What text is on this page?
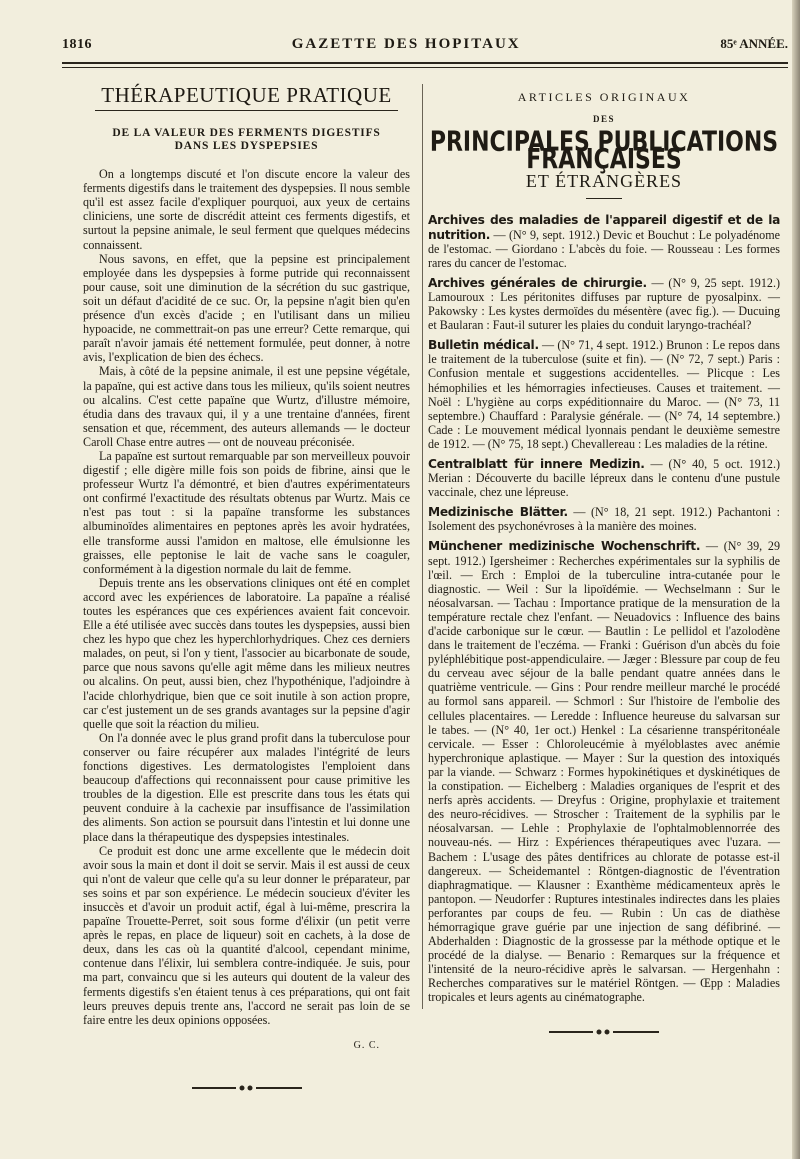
1816	GAZETTE DES HOPITAUX	85ᵉ ANNÉE.
THÉRAPEUTIQUE PRATIQUE
DE LA VALEUR DES FERMENTS DIGESTIFS
DANS LES DYSPEPSIES

On a longtemps discuté et l'on discute encore la valeur des ferments digestifs dans le traitement des dyspepsies. Il nous semble qu'il est assez facile d'expliquer pourquoi, aux yeux de certains cliniciens, une sorte de discrédit atteint ces ferments digestifs, et surtout la pepsine animale, le seul ferment que quelques médecins connaissent.

Nous savons, en effet, que la pepsine est principalement employée dans les dyspepsies à forme putride qui reconnaissent pour cause, soit une diminution de la sécrétion du suc gastrique, soit un défaut d'acidité de ce suc. Or, la pepsine n'agit bien qu'en présence d'un excès d'acide ; en l'utilisant dans un milieu hypoacide, ne commettrait-on pas une erreur? Cette remarque, qui paraît n'avoir jamais été nettement formulée, peut donner, à notre avis, l'explication de bien des échecs.

Mais, à côté de la pepsine animale, il est une pepsine végétale, la papaïne, qui est active dans tous les milieux, qu'ils soient neutres ou alcalins. C'est cette papaïne que Wurtz, d'illustre mémoire, étudia dans des travaux qui, il y a une trentaine d'années, firent sensation et que, récemment, des auteurs allemands — le docteur Caroll Chase entre autres — ont de nouveau préconisée.

La papaïne est surtout remarquable par son merveilleux pouvoir digestif ; elle digère mille fois son poids de fibrine, ainsi que le professeur Wurtz l'a démontré, et bien d'autres expérimentateurs ont confirmé l'exactitude des résultats obtenus par Wurtz. Mais ce n'est pas tout : si la papaïne transforme les substances albuminoïdes alimentaires en peptones après les avoir hydratées, elle transforme aussi l'amidon en maltose, elle émulsionne les graisses, elle peptonise le lait de vache sans le coaguler, conformément à la digestion normale du lait de femme.

Depuis trente ans les observations cliniques ont été en complet accord avec les expériences de laboratoire. La papaïne a réalisé toutes les espérances que ces expériences avaient fait concevoir. Elle a été utilisée avec succès dans toutes les dyspepsies, aussi bien chez les hypo que chez les hyperchlorhydriques. Chez ces derniers malades, on peut, si l'on y tient, l'associer au bicarbonate de soude, parce que nous savons qu'elle agit même dans les milieux neutres ou alcalins. On peut, aussi bien, chez l'hypothénique, l'adjoindre à l'acide chlorhydrique, bien que ce soit inutile à son action propre, car c'est justement un de ses grands avantages sur la pepsine d'agir quelle que soit la réaction du milieu.

On l'a donnée avec le plus grand profit dans la tuberculose pour conserver ou faire récupérer aux malades l'intégrité de leurs fonctions digestives. Les dermatologistes l'emploient dans beaucoup d'affections qui reconnaissent pour cause primitive les troubles de la digestion. Elle est prescrite dans tous les états qui peuvent conduire à la cachexie par insuffisance de l'assimilation des aliments. Son action se poursuit dans l'intestin et lui donne une place dans la thérapeutique des dyspepsies intestinales.

Ce produit est donc une arme excellente que le médecin doit avoir sous la main et dont il doit se servir. Mais il est aussi de ceux qui n'ont de valeur que celle qu'a su leur donner le préparateur, par ses soins et par son expérience. Le médecin soucieux d'éviter les insuccès et d'avoir un produit actif, égal à lui-même, prescrira la papaïne Trouette-Perret, soit sous forme d'élixir (un petit verre après le repas, en place de liqueur) soit en cachets, à la dose de deux, dans les cas où la quantité d'alcool, cependant minime, contenue dans l'élixir, lui semblera contre-indiquée. Je suis, pour ma part, convaincu que si les auteurs qui doutent de la valeur des ferments digestifs s'en étaient tenus à ces préparations, qui ont fait leurs preuves depuis trente ans, l'accord ne serait pas loin de se faire entre les deux opinions opposées.

G. C.
ARTICLES ORIGINAUX
DES
PRINCIPALES PUBLICATIONS FRANÇAISES
ET ÉTRANGÈRES
Archives des maladies de l'appareil digestif et de la nutrition. — (N° 9, sept. 1912.) Devic et Bouchut : Le polyadénome de l'estomac. — Giordano : L'abcès du foie. — Rousseau : Les formes rares du cancer de l'estomac.
Archives générales de chirurgie. — (N° 9, 25 sept. 1912.) Lamouroux : Les péritonites diffuses par rupture de pyosalpinx. — Pakowsky : Les kystes dermoïdes du mésentère (avec fig.). — Ducuing et Baularan : Faut-il suturer les plaies du conduit laryngo-trachéal?
Bulletin médical. — (N° 71, 4 sept. 1912.) Brunon : Le repos dans le traitement de la tuberculose (suite et fin). — (N° 72, 7 sept.) Paris : Confusion mentale et suggestions accidentelles. — Plicque : Les hémophilies et les hémorragies infectieuses. Causes et traitement. — Noël : L'hygiène au corps expéditionnaire du Maroc. — (N° 73, 11 septembre.) Chauffard : Paralysie générale. — (N° 74, 14 septembre.) Cade : Le mouvement médical lyonnais pendant le deuxième semestre de 1912. — (N° 75, 18 sept.) Chevallereau : Les maladies de la rétine.
Centralblatt für innere Medizin. — (N° 40, 5 oct. 1912.) Merian : Découverte du bacille lépreux dans le contenu d'une pustule vaccinale, chez une lépreuse.
Medizinische Blätter. — (N° 18, 21 sept. 1912.) Pachantoni : Isolement des psychonévroses à la manière des moines.
Münchener medizinische Wochenschrift. — (N° 39, 29 sept. 1912.) Igersheimer : Recherches expérimentales sur la syphilis de l'œil. — Erch : Emploi de la tuberculine intra-cutanée pour le diagnostic. — Weil : Sur la lipoïdémie. — Wechselmann : Sur le néosalvarsan. — Tachau : Importance pratique de la mensuration de la température rectale chez l'enfant. — Neuadovics : Influence des bains d'acide carbonique sur le cœur. — Bautlin : Le pellidol et l'azolodène dans le traitement de l'eczéma. — Franki : Guérison d'un abcès du foie pyléphlébitique post-appendiculaire. — Jæger : Blessure par coup de feu du cerveau avec séjour de la balle pendant quatre années dans le quatrième ventricule. — Gins : Pour rendre meilleur marché le procédé au formol sans appareil. — Schmorl : Sur l'histoire de l'embolie des cellules placentaires. — Leredde : Influence heureuse du salvarsan sur le tabes. — (N° 40, 1er oct.) Henkel : La césarienne transpéritonéale cervicale. — Esser : Chloroleucémie à myéloblastes avec anémie hyperchronique aplastique. — Mayer : Sur la question des intoxiqués par la viande. — Schwarz : Formes hypokinétiques et dyskinétiques de la constipation. — Eichelberg : Maladies organiques de l'esprit et des nerfs après accidents. — Dreyfus : Origine, prophylaxie et traitement des neuro-récidives. — Stroscher : Traitement de la syphilis par le néosalvarsan. — Lehle : Prophylaxie de l'ophtalmoblennorrée des nouveau-nés. — Hirz : Expériences thérapeutiques avec l'uzara. — Bachem : L'usage des pâtes dentifrices au chlorate de potasse est-il dangereux. — Scheidemantel : Röntgen-diagnostic de l'éventration diaphragmatique. — Klausner : Exanthème médicamenteux après le pantopon. — Neudorfer : Ruptures intestinales indirectes dans les plaies perforantes par coups de feu. — Rubin : Un cas de diathèse hémorragique grave guérie par une injection de sang défibriné. — Abderhalden : Diagnostic de la grossesse par la méthode optique et le procédé de la dialyse. — Benario : Remarques sur la fréquence et l'intensité de la neuro-récidive après le salvarsan. — Hergenhahn : Recherches comparatives sur le matériel Röntgen. — Œpp : Maladies tropicales et leurs agents au cinématographe.
